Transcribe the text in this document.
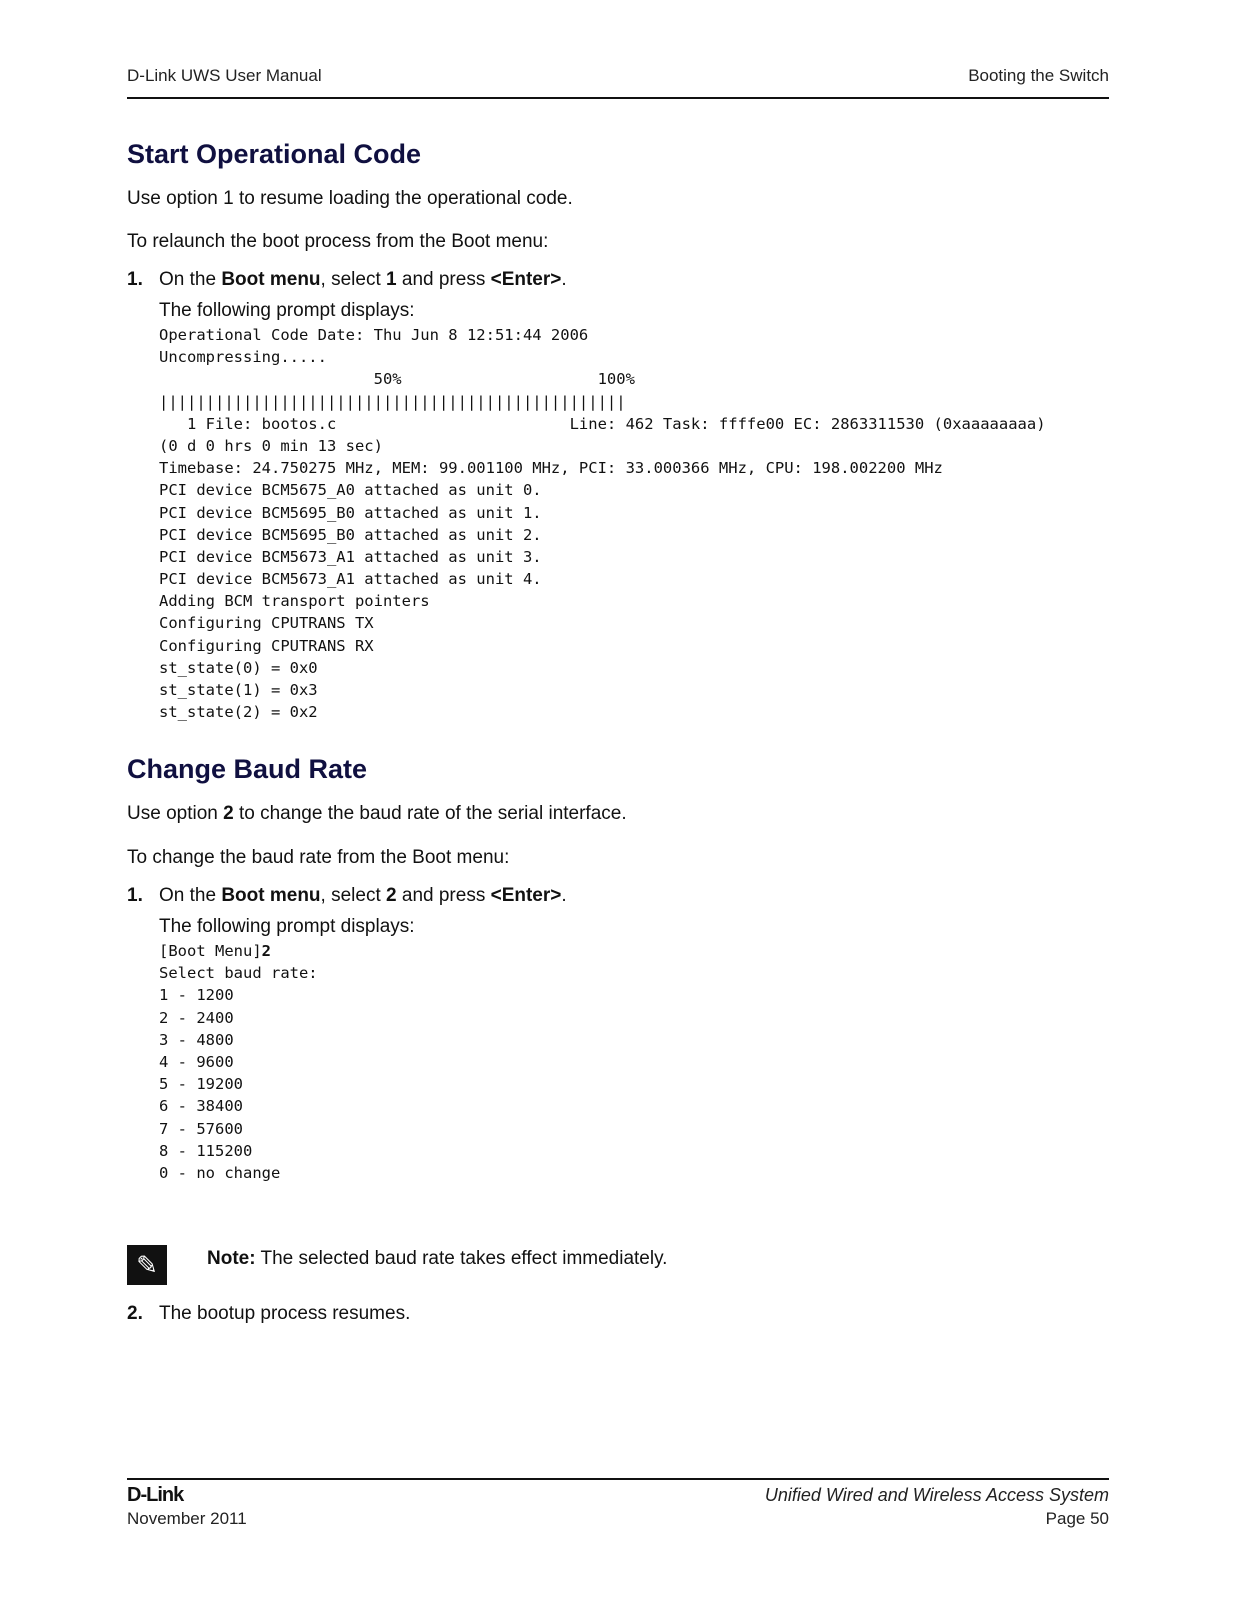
D-Link UWS User Manual	Booting the Switch
Start Operational Code
Use option 1 to resume loading the operational code.
To relaunch the boot process from the Boot menu:
1. On the Boot menu, select 1 and press <Enter>.
The following prompt displays:
Operational Code Date: Thu Jun 8 12:51:44 2006
Uncompressing.....
50%                     100%
||||||||||||||||||||||||||||||||||||||||||||||||||
1 File: bootos.c                         Line: 462 Task: ffffe00 EC: 2863311530 (0xaaaaaaaa)
(0 d 0 hrs 0 min 13 sec)
Timebase: 24.750275 MHz, MEM: 99.001100 MHz, PCI: 33.000366 MHz, CPU: 198.002200 MHz
PCI device BCM5675_A0 attached as unit 0.
PCI device BCM5695_B0 attached as unit 1.
PCI device BCM5695_B0 attached as unit 2.
PCI device BCM5673_A1 attached as unit 3.
PCI device BCM5673_A1 attached as unit 4.
Adding BCM transport pointers
Configuring CPUTRANS TX
Configuring CPUTRANS RX
st_state(0) = 0x0
st_state(1) = 0x3
st_state(2) = 0x2
Change Baud Rate
Use option 2 to change the baud rate of the serial interface.
To change the baud rate from the Boot menu:
1. On the Boot menu, select 2 and press <Enter>.
The following prompt displays:
[Boot Menu]2
Select baud rate:
1 - 1200
2 - 2400
3 - 4800
4 - 9600
5 - 19200
6 - 38400
7 - 57600
8 - 115200
0 - no change
✎	Note: The selected baud rate takes effect immediately.
2. The bootup process resumes.
D-Link
November 2011
Unified Wired and Wireless Access System
Page 50
